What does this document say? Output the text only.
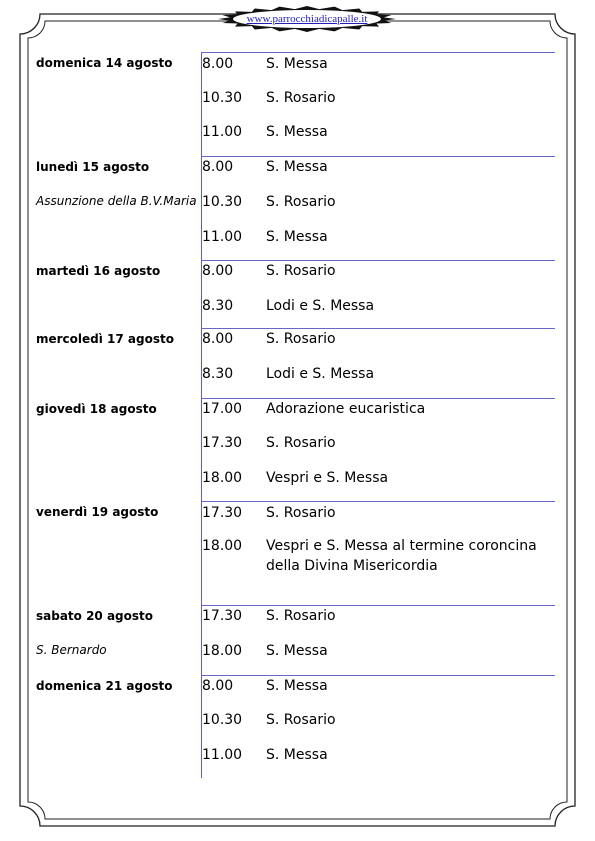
www.parrocchiadicapalle.it
domenica 14 agosto 8.00 S. Messa
10.30 S. Rosario
11.00 S. Messa
lunedì 15 agosto
Assunzione della B.V.Maria
8.00 S. Messa
10.30 S. Rosario
11.00 S. Messa
martedì 16 agosto	8.00 S. Rosario
8.30 Lodi e S. Messa
mercoledì 17 agosto 8.00 S. Rosario
8.30 Lodi e S. Messa
giovedì 18 agosto	17.00 Adorazione eucaristica
17.30 S. Rosario
18.00 Vespri e S. Messa
venerdì 19 agosto	17.30 S. Rosario
18.00 Vespri e S. Messa al termine coroncina della Divina Misericordia
sabato 20 agosto
S. Bernardo
17.30 S. Rosario
18.00 S. Messa
domenica 21 agosto 8.00 S. Messa
10.30 S. Rosario
11.00 S. Messa
